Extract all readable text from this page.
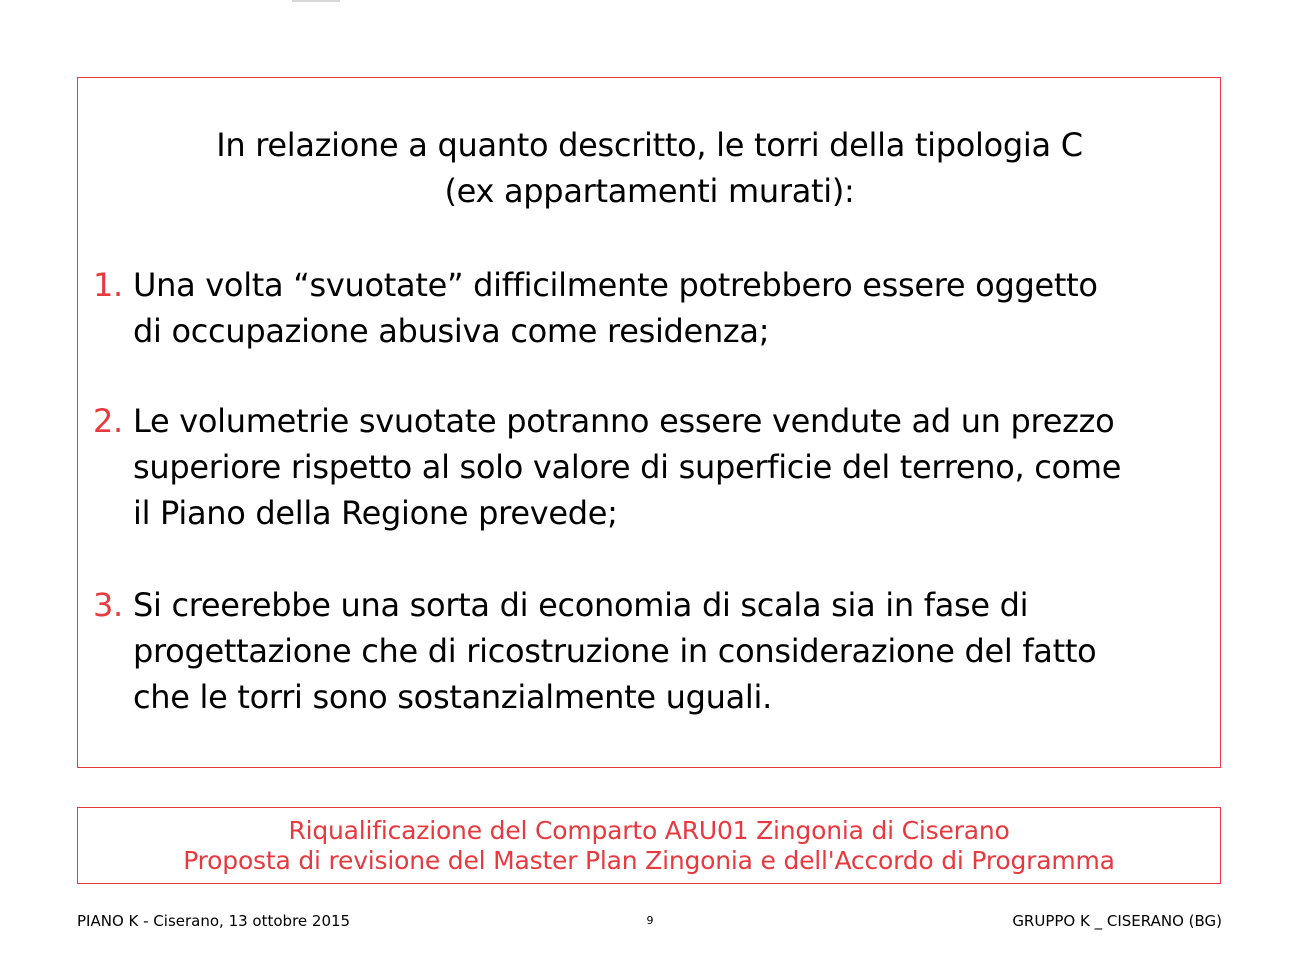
In relazione a quanto descritto, le torri della tipologia C
(ex appartamenti murati):
1. Una volta “svuotate” difficilmente potrebbero essere oggetto
di occupazione abusiva come residenza;
2. Le volumetrie svuotate potranno essere vendute ad un prezzo
superiore rispetto al solo valore di superficie del terreno, come
il Piano della Regione prevede;
3. Si creerebbe una sorta di economia di scala sia in fase di
progettazione che di ricostruzione in considerazione del fatto
che le torri sono sostanzialmente uguali.
Riqualificazione del Comparto ARU01 Zingonia di Ciserano
Proposta di revisione del Master Plan Zingonia e dell'Accordo di Programma
PIANO K - Ciserano, 13 ottobre 2015	9	GRUPPO K _ CISERANO (BG)
